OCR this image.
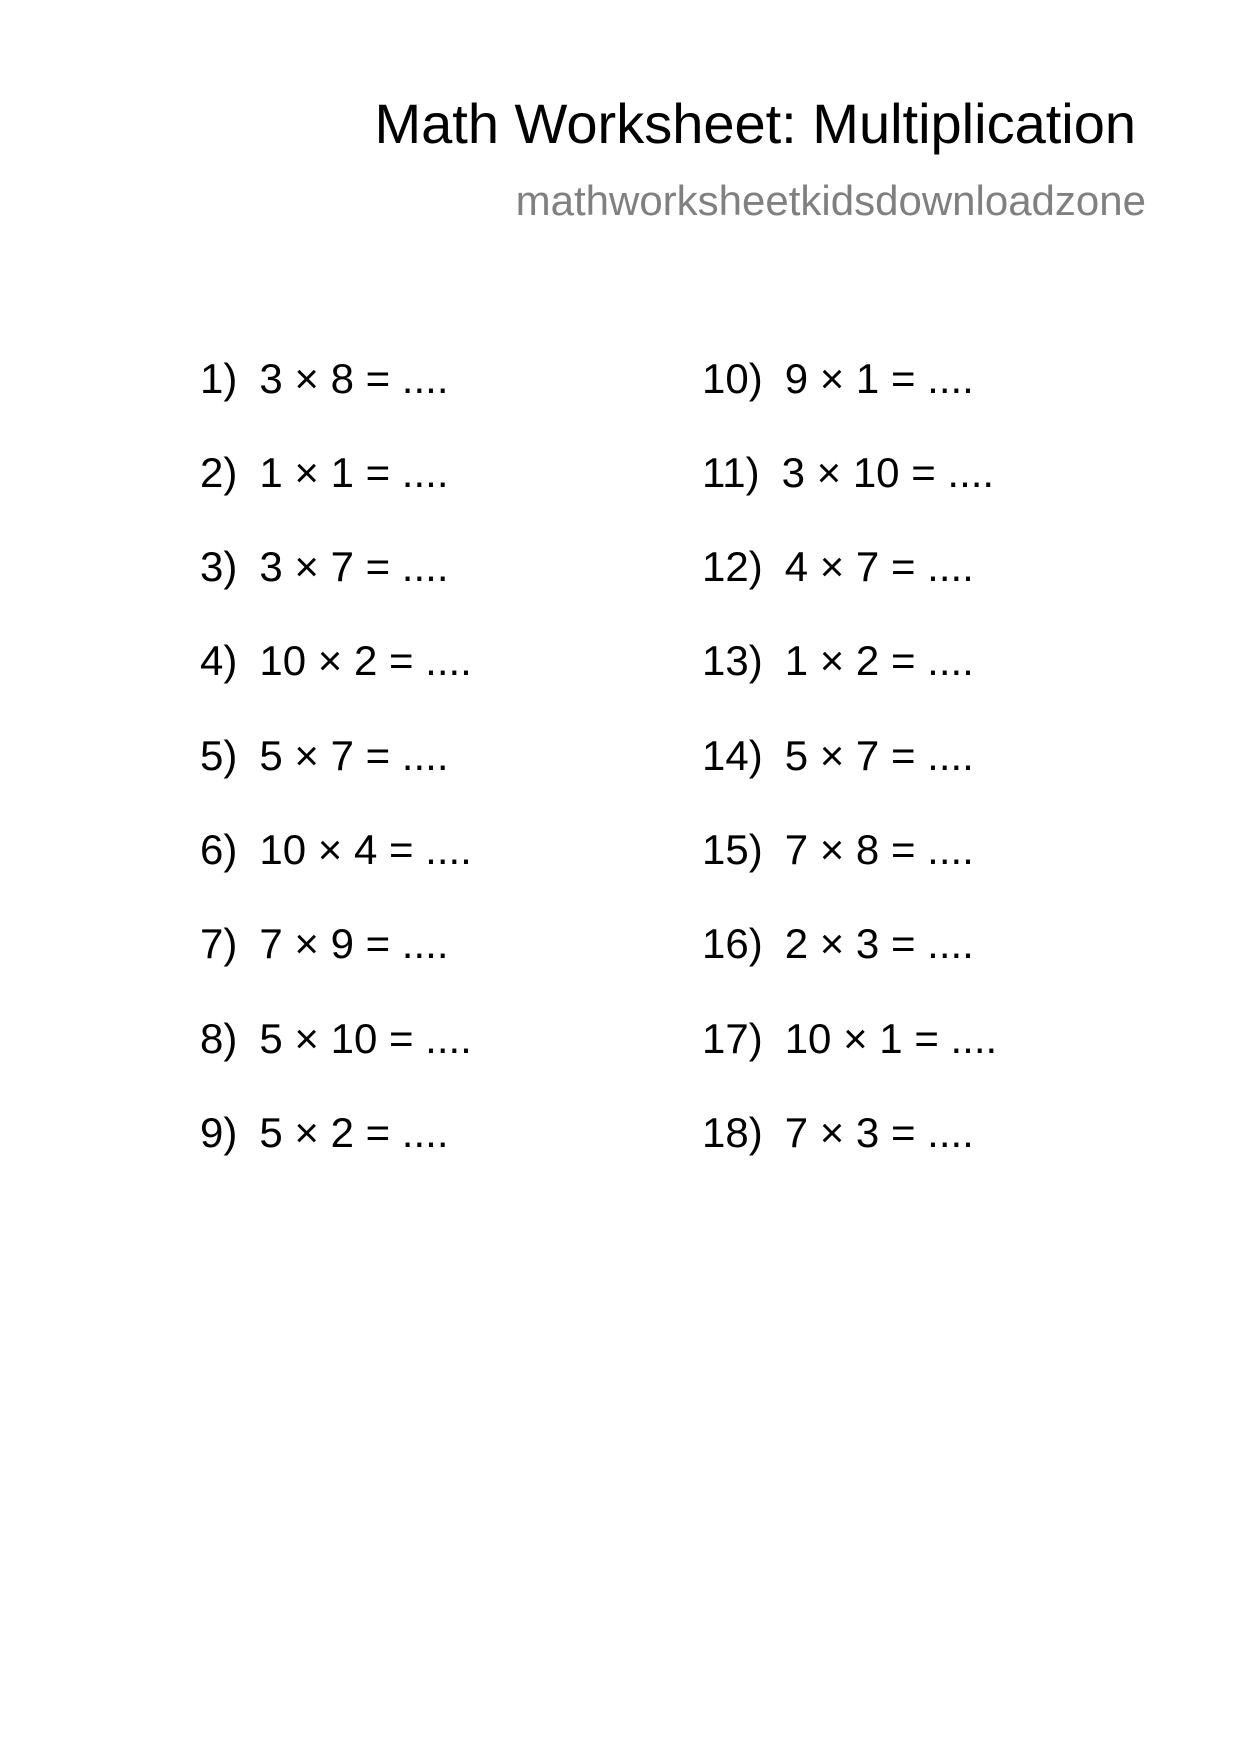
Math Worksheet: Multiplication
mathworksheetkidsdownloadzone
1) 3 × 8 = ....
2) 1 × 1 = ....
3) 3 × 7 = ....
4) 10 × 2 = ....
5) 5 × 7 = ....
6) 10 × 4 = ....
7) 7 × 9 = ....
8) 5 × 10 = ....
9) 5 × 2 = ....
10) 9 × 1 = ....
11) 3 × 10 = ....
12) 4 × 7 = ....
13) 1 × 2 = ....
14) 5 × 7 = ....
15) 7 × 8 = ....
16) 2 × 3 = ....
17) 10 × 1 = ....
18) 7 × 3 = ....
